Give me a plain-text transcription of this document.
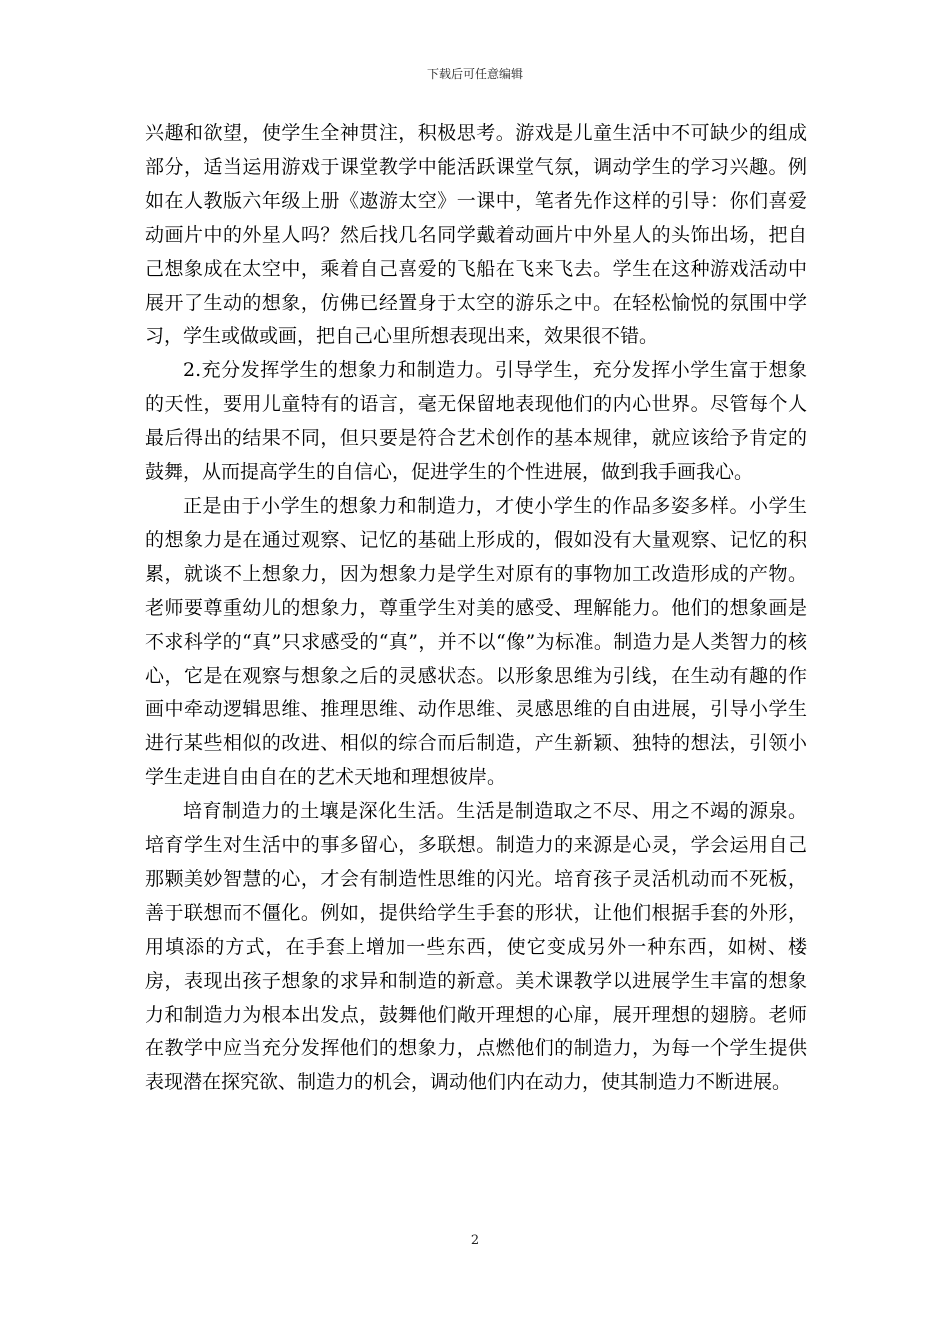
下载后可任意编辑

兴趣和欲望，使学生全神贯注，积极思考。游戏是儿童生活中不可缺少的组成部分，适当运用游戏于课堂教学中能活跃课堂气氛，调动学生的学习兴趣。例如在人教版六年级上册《遨游太空》一课中，笔者先作这样的引导：你们喜爱动画片中的外星人吗？然后找几名同学戴着动画片中外星人的头饰出场，把自己想象成在太空中，乘着自己喜爱的飞船在飞来飞去。学生在这种游戏活动中展开了生动的想象，仿佛已经置身于太空的游乐之中。在轻松愉悦的氛围中学习，学生或做或画，把自己心里所想表现出来，效果很不错。

2.充分发挥学生的想象力和制造力。引导学生，充分发挥小学生富于想象的天性，要用儿童特有的语言，毫无保留地表现他们的内心世界。尽管每个人最后得出的结果不同，但只要是符合艺术创作的基本规律，就应该给予肯定的鼓舞，从而提高学生的自信心，促进学生的个性进展，做到我手画我心。

正是由于小学生的想象力和制造力，才使小学生的作品多姿多样。小学生的想象力是在通过观察、记忆的基础上形成的，假如没有大量观察、记忆的积累，就谈不上想象力，因为想象力是学生对原有的事物加工改造形成的产物。老师要尊重幼儿的想象力，尊重学生对美的感受、理解能力。他们的想象画是不求科学的“真”只求感受的“真”，并不以“像”为标准。制造力是人类智力的核心，它是在观察与想象之后的灵感状态。以形象思维为引线，在生动有趣的作画中牵动逻辑思维、推理思维、动作思维、灵感思维的自由进展，引导小学生进行某些相似的改进、相似的综合而后制造，产生新颖、独特的想法，引领小学生走进自由自在的艺术天地和理想彼岸。

培育制造力的土壤是深化生活。生活是制造取之不尽、用之不竭的源泉。培育学生对生活中的事多留心，多联想。制造力的来源是心灵，学会运用自己那颗美妙智慧的心，才会有制造性思维的闪光。培育孩子灵活机动而不死板，善于联想而不僵化。例如，提供给学生手套的形状，让他们根据手套的外形，用填添的方式，在手套上增加一些东西，使它变成另外一种东西，如树、楼房，表现出孩子想象的求异和制造的新意。美术课教学以进展学生丰富的想象力和制造力为根本出发点，鼓舞他们敞开理想的心扉，展开理想的翅膀。老师在教学中应当充分发挥他们的想象力，点燃他们的制造力，为每一个学生提供表现潜在探究欲、制造力的机会，调动他们内在动力，使其制造力不断进展。

2
